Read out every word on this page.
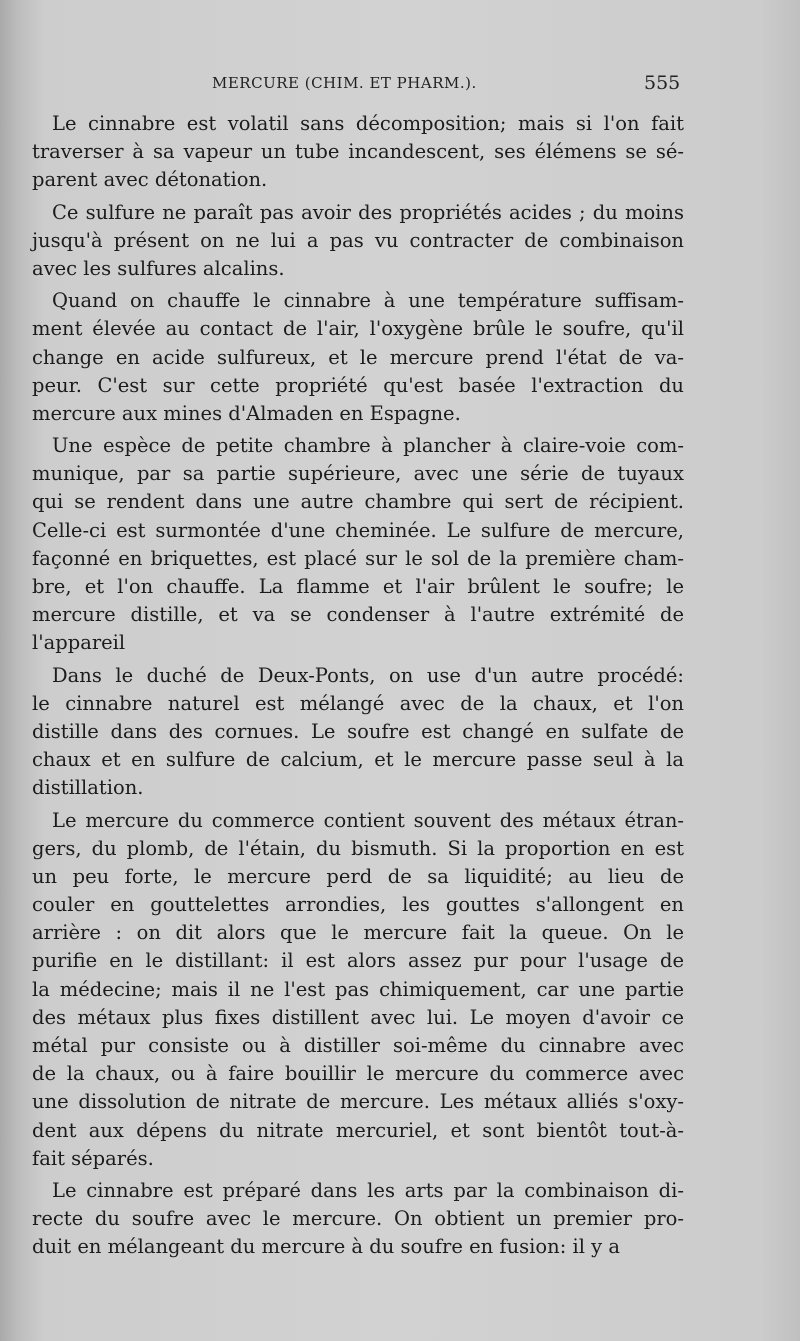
MERCURE (CHIM. ET PHARM.).	555
Le cinnabre est volatil sans décomposition; mais si l'on fait
traverser à sa vapeur un tube incandescent, ses élémens se sé-
parent avec détonation.
Ce sulfure ne paraît pas avoir des propriétés acides ; du moins
jusqu'à présent on ne lui a pas vu contracter de combinaison
avec les sulfures alcalins.
Quand on chauffe le cinnabre à une température suffisam-
ment élevée au contact de l'air, l'oxygène brûle le soufre, qu'il
change en acide sulfureux, et le mercure prend l'état de va-
peur. C'est sur cette propriété qu'est basée l'extraction du
mercure aux mines d'Almaden en Espagne.
Une espèce de petite chambre à plancher à claire-voie com-
munique, par sa partie supérieure, avec une série de tuyaux
qui se rendent dans une autre chambre qui sert de récipient.
Celle-ci est surmontée d'une cheminée. Le sulfure de mercure,
façonné en briquettes, est placé sur le sol de la première cham-
bre, et l'on chauffe. La flamme et l'air brûlent le soufre; le
mercure distille, et va se condenser à l'autre extrémité de
l'appareil
Dans le duché de Deux-Ponts, on use d'un autre procédé:
le cinnabre naturel est mélangé avec de la chaux, et l'on
distille dans des cornues. Le soufre est changé en sulfate de
chaux et en sulfure de calcium, et le mercure passe seul à la
distillation.
Le mercure du commerce contient souvent des métaux étran-
gers, du plomb, de l'étain, du bismuth. Si la proportion en est
un peu forte, le mercure perd de sa liquidité; au lieu de
couler en gouttelettes arrondies, les gouttes s'allongent en
arrière : on dit alors que le mercure fait la queue. On le
purifie en le distillant: il est alors assez pur pour l'usage de
la médecine; mais il ne l'est pas chimiquement, car une partie
des métaux plus fixes distillent avec lui. Le moyen d'avoir ce
métal pur consiste ou à distiller soi-même du cinnabre avec
de la chaux, ou à faire bouillir le mercure du commerce avec
une dissolution de nitrate de mercure. Les métaux alliés s'oxy-
dent aux dépens du nitrate mercuriel, et sont bientôt tout-à-
fait séparés.
Le cinnabre est préparé dans les arts par la combinaison di-
recte du soufre avec le mercure. On obtient un premier pro-
duit en mélangeant du mercure à du soufre en fusion: il y a
